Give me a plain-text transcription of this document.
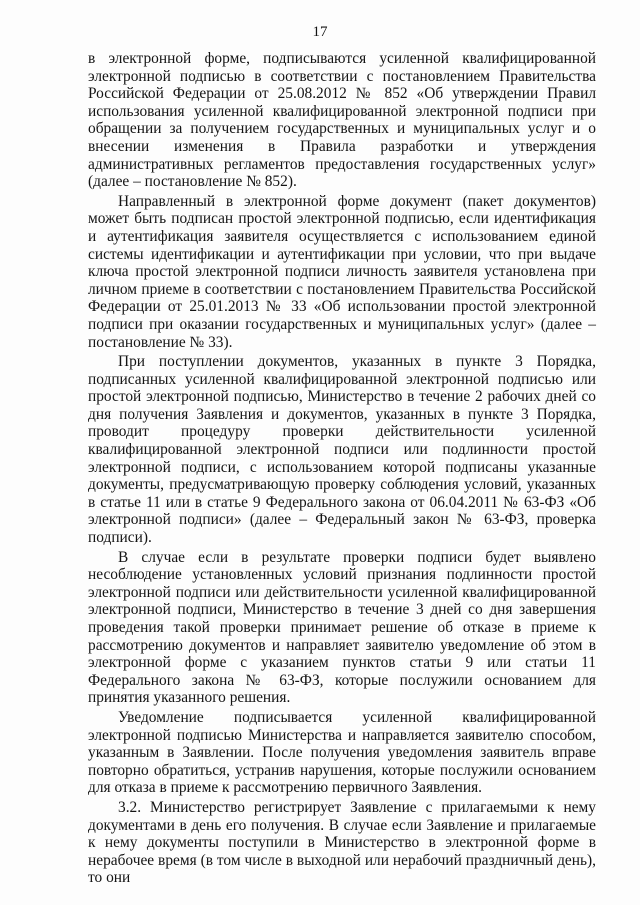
17

в электронной форме, подписываются усиленной квалифицированной электронной подписью в соответствии с постановлением Правительства Российской Федерации от 25.08.2012 № 852 «Об утверждении Правил использования усиленной квалифицированной электронной подписи при обращении за получением государственных и муниципальных услуг и о внесении изменения в Правила разработки и утверждения административных регламентов предоставления государственных услуг» (далее – постановление № 852).

Направленный в электронной форме документ (пакет документов) может быть подписан простой электронной подписью, если идентификация и аутентификация заявителя осуществляется с использованием единой системы идентификации и аутентификации при условии, что при выдаче ключа простой электронной подписи личность заявителя установлена при личном приеме в соответствии с постановлением Правительства Российской Федерации от 25.01.2013 № 33 «Об использовании простой электронной подписи при оказании государственных и муниципальных услуг» (далее – постановление № 33).

При поступлении документов, указанных в пункте 3 Порядка, подписанных усиленной квалифицированной электронной подписью или простой электронной подписью, Министерство в течение 2 рабочих дней со дня получения Заявления и документов, указанных в пункте 3 Порядка, проводит процедуру проверки действительности усиленной квалифицированной электронной подписи или подлинности простой электронной подписи, с использованием которой подписаны указанные документы, предусматривающую проверку соблюдения условий, указанных в статье 11 или в статье 9 Федерального закона от 06.04.2011 № 63-ФЗ «Об электронной подписи» (далее – Федеральный закон № 63-ФЗ, проверка подписи).

В случае если в результате проверки подписи будет выявлено несоблюдение установленных условий признания подлинности простой электронной подписи или действительности усиленной квалифицированной электронной подписи, Министерство в течение 3 дней со дня завершения проведения такой проверки принимает решение об отказе в приеме к рассмотрению документов и направляет заявителю уведомление об этом в электронной форме с указанием пунктов статьи 9 или статьи 11 Федерального закона № 63-ФЗ, которые послужили основанием для принятия указанного решения.

Уведомление подписывается усиленной квалифицированной электронной подписью Министерства и направляется заявителю способом, указанным в Заявлении. После получения уведомления заявитель вправе повторно обратиться, устранив нарушения, которые послужили основанием для отказа в приеме к рассмотрению первичного Заявления.

3.2. Министерство регистрирует Заявление с прилагаемыми к нему документами в день его получения. В случае если Заявление и прилагаемые к нему документы поступили в Министерство в электронной форме в нерабочее время (в том числе в выходной или нерабочий праздничный день), то они
